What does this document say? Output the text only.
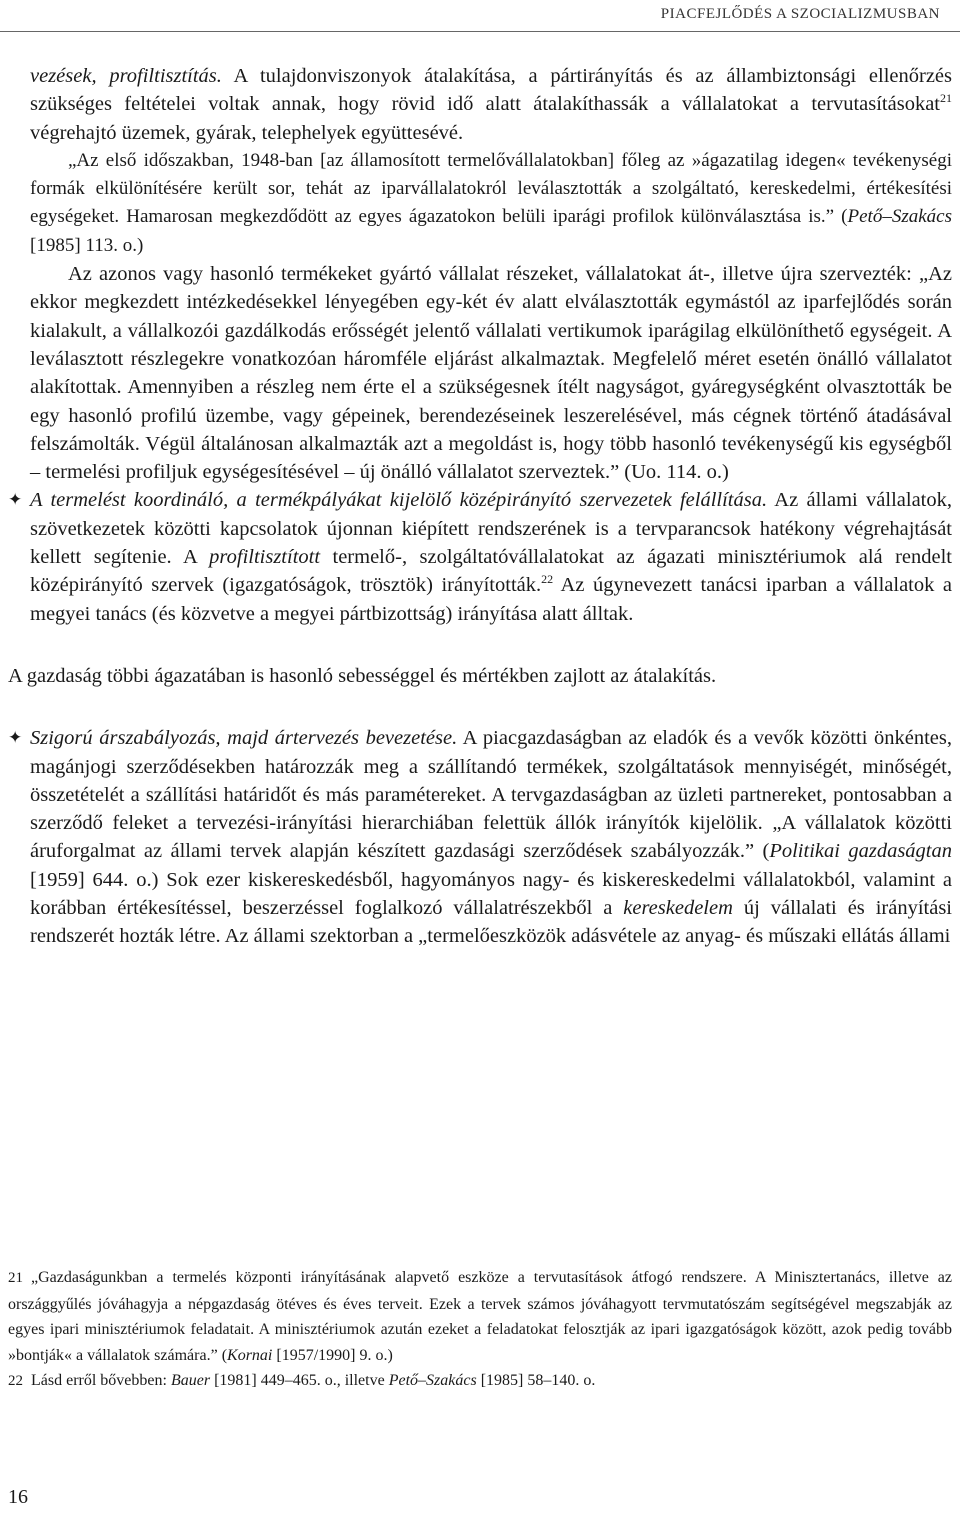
PIACFEJLŐDÉS A SZOCIALIZMUSBAN
vezések, profiltisztítás. A tulajdonviszonyok átalakítása, a pártirányítás és az állambiztonsági ellenőrzés szükséges feltételei voltak annak, hogy rövid idő alatt átalakíthassák a vállalatokat a tervutasításokat$^{21}$ végrehajtó üzemek, gyárak, telephelyek együttesévé.

„Az első időszakban, 1948-ban [az államosított termelővállalatokban] főleg az »ágazatilag idegen« tevékenységi formák elkülönítésére került sor, tehát az iparvállalatokról leválasztották a szolgáltató, kereskedelmi, értékesítési egységeket. Hamarosan megkezdődött az egyes ágazatokon belüli iparági profilok különválasztása is.” (Pető–Szakács [1985] 113. o.)

Az azonos vagy hasonló termékeket gyártó vállalat részeket, vállalatokat át-, illetve újra szervezték: „Az ekkor megkezdett intézkedésekkel lényegében egy-két év alatt elválasztották egymástól az iparfejlődés során kialakult, a vállalkozói gazdálkodás erősségét jelentő vállalati vertikumok iparágilag elkülöníthető egységeit. A leválasztott részlegekre vonatkozóan háromféle eljárást alkalmaztak. Megfelelő méret esetén önálló vállalatot alakítottak. Amennyiben a részleg nem érte el a szükségesnek ítélt nagyságot, gyáregységként olvasztották be egy hasonló profilú üzembe, vagy gépeinek, berendezéseinek leszerelésével, más cégnek történő átadásával felszámolták. Végül általánosan alkalmazták azt a megoldást is, hogy több hasonló tevékenységű kis egységből – termelési profiljuk egységesítésével – új önálló vállalatot szerveztek.” (Uo. 114. o.)

✦ A termelést koordináló, a termékpályákat kijelölő középirányító szervezetek felállítása. Az állami vállalatok, szövetkezetek közötti kapcsolatok újonnan kiépített rendszerének is a tervparancsok hatékony végrehajtását kellett segítenie. A profiltisztított termelő-, szolgáltatóvállalatokat az ágazati minisztériumok alá rendelt középirányító szervek (igazgatóságok, trösztök) irányították.$^{22}$ Az úgynevezett tanácsi iparban a vállalatok a megyei tanács (és közvetve a megyei pártbizottság) irányítása alatt álltak.

A gazdaság többi ágazatában is hasonló sebességgel és mértékben zajlott az átalakítás.
✦ Szigorú árszabályozás, majd ártervezés bevezetése. A piacgazdaságban az eladók és a vevők közötti önkéntes, magánjogi szerződésekben határozzák meg a szállítandó termékek, szolgáltatások mennyiségét, minőségét, összetételét a szállítási határidőt és más paramétereket. A tervgazdaságban az üzleti partnereket, pontosabban a szerződő feleket a tervezési-irányítási hierarchiában felettük állók irányítók kijelölik. „A vállalatok közötti áruforgalmat az állami tervek alapján készített gazdasági szerződések szabályozzák.” (Politikai gazdaságtan [1959] 644. o.) Sok ezer kiskereskedésből, hagyományos nagy- és kiskereskedelmi vállalatokból, valamint a korábban értékesítéssel, beszerzéssel foglalkozó vállalatrészekből a kereskedelem új vállalati és irányítási rendszerét hozták létre. Az állami szektorban a „termelőeszközök adásvétele az anyag- és műszaki ellátás állami

21 „Gazdaságunkban a termelés központi irányításának alapvető eszköze a tervutasítások átfogó rendszere. A Minisztertanács, illetve az országgyűlés jóváhagyja a népgazdaság ötéves és éves terveit. Ezek a tervek számos jóváhagyott tervmutatószám segítségével megszabják az egyes ipari minisztériumok feladatait. A minisztériumok azután ezeket a feladatokat felosztják az ipari igazgatóságok között, azok pedig tovább »bontják« a vállalatok számára.” (Kornai [1957/1990] 9. o.)

22 Lásd erről bővebben: Bauer [1981] 449–465. o., illetve Pető–Szakács [1985] 58–140. o.

16
